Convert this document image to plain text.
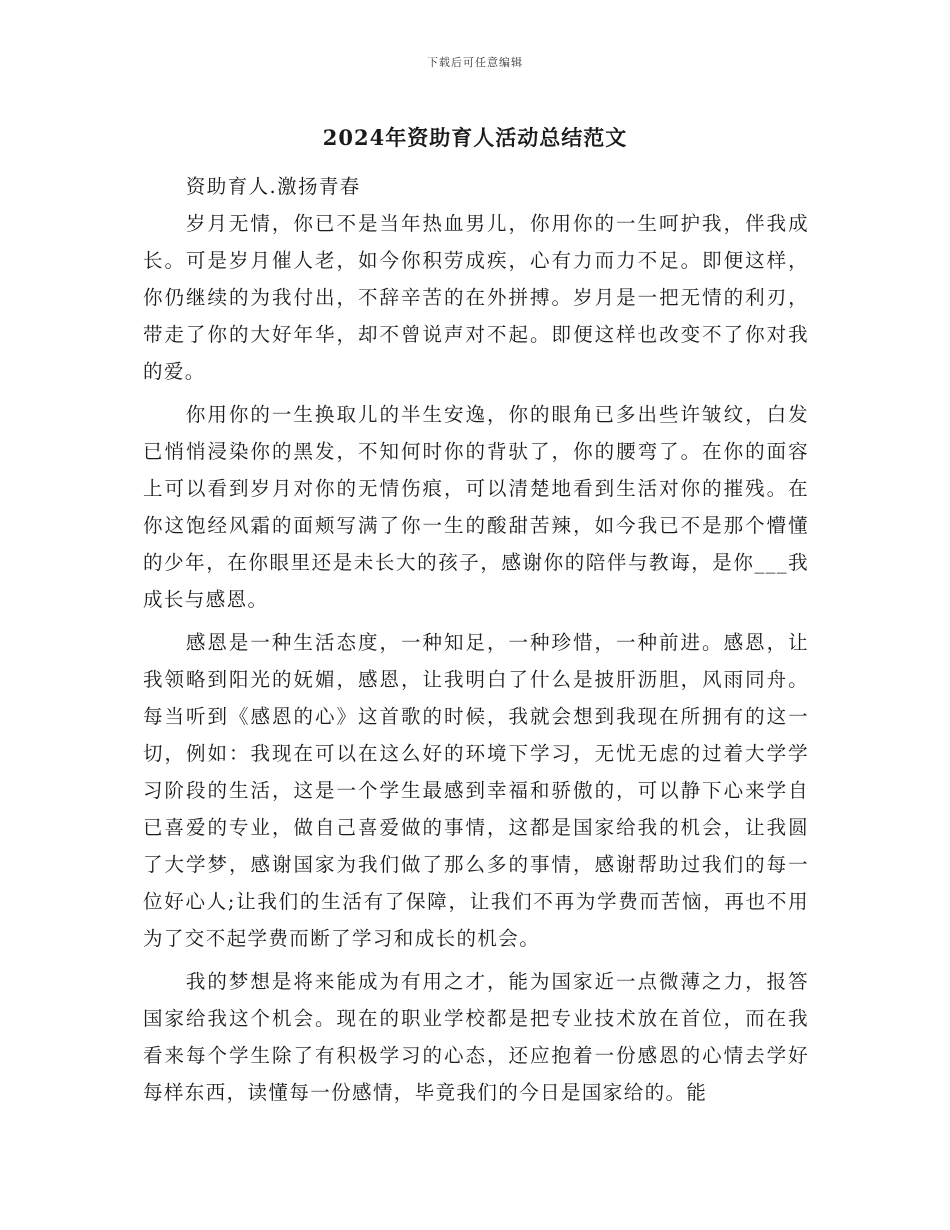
下载后可任意编辑
2024年资助育人活动总结范文

资助育人.激扬青春

岁月无情，你已不是当年热血男儿，你用你的一生呵护我，伴我成长。可是岁月催人老，如今你积劳成疾，心有力而力不足。即便这样，你仍继续的为我付出，不辞辛苦的在外拼搏。岁月是一把无情的利刃，带走了你的大好年华，却不曾说声对不起。即便这样也改变不了你对我的爱。

你用你的一生换取儿的半生安逸，你的眼角已多出些许皱纹，白发已悄悄浸染你的黑发，不知何时你的背驮了，你的腰弯了。在你的面容上可以看到岁月对你的无情伤痕，可以清楚地看到生活对你的摧残。在你这饱经风霜的面颊写满了你一生的酸甜苦辣，如今我已不是那个懵懂的少年，在你眼里还是未长大的孩子，感谢你的陪伴与教诲，是你___我成长与感恩。

感恩是一种生活态度，一种知足，一种珍惜，一种前进。感恩，让我领略到阳光的妩媚，感恩，让我明白了什么是披肝沥胆，风雨同舟。每当听到《感恩的心》这首歌的时候，我就会想到我现在所拥有的这一切，例如：我现在可以在这么好的环境下学习，无忧无虑的过着大学学习阶段的生活，这是一个学生最感到幸福和骄傲的，可以静下心来学自已喜爱的专业，做自己喜爱做的事情，这都是国家给我的机会，让我圆了大学梦，感谢国家为我们做了那么多的事情，感谢帮助过我们的每一位好心人;让我们的生活有了保障，让我们不再为学费而苦恼，再也不用为了交不起学费而断了学习和成长的机会。

我的梦想是将来能成为有用之才，能为国家近一点微薄之力，报答国家给我这个机会。现在的职业学校都是把专业技术放在首位，而在我看来每个学生除了有积极学习的心态，还应抱着一份感恩的心情去学好每样东西，读懂每一份感情，毕竟我们的今日是国家给的。能
